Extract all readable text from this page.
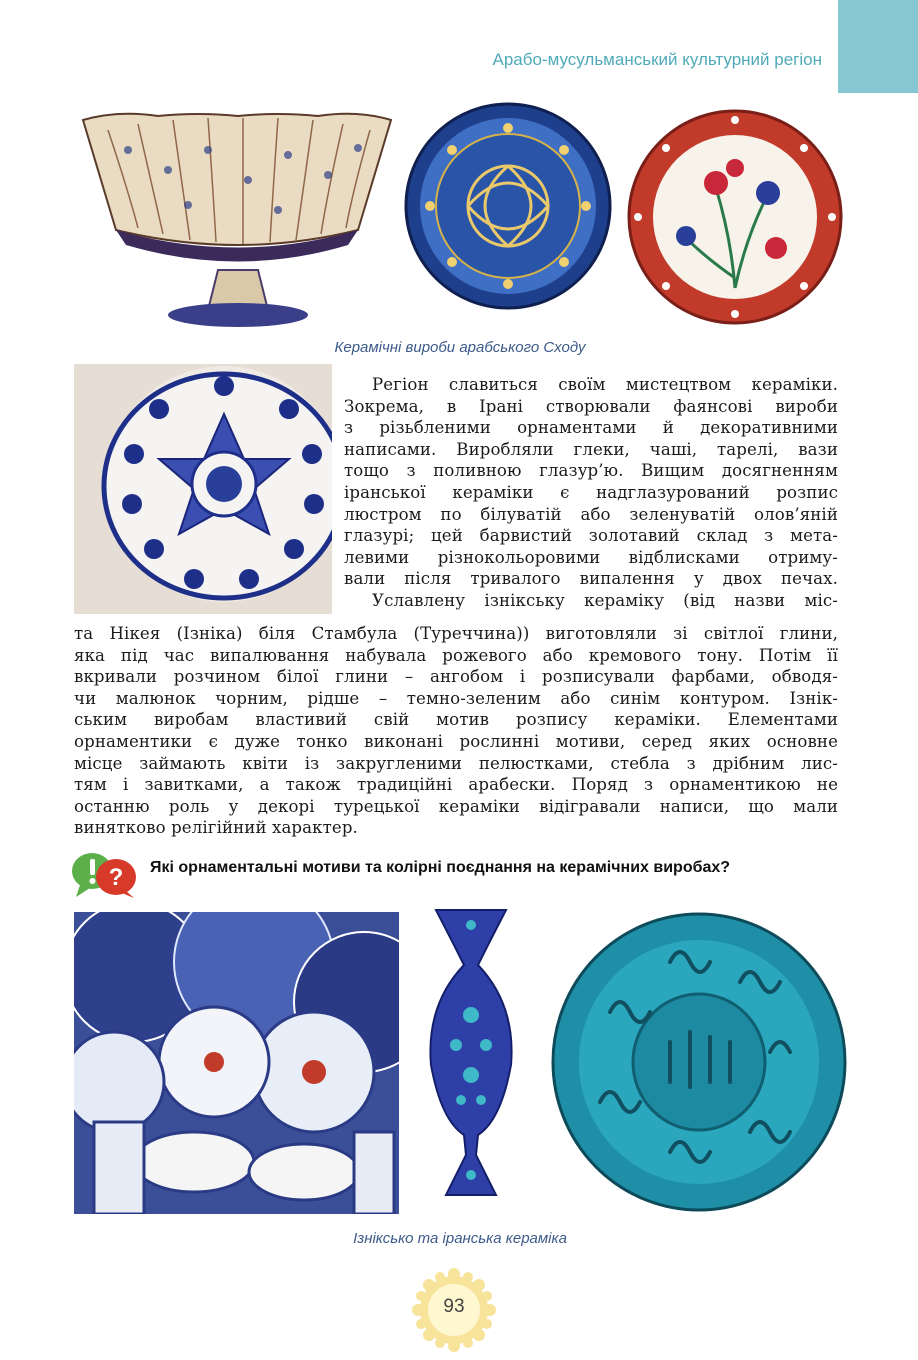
Арабо-мусульманський культурний регіон
Керамічні вироби арабського Сходу
Регіон славиться своїм мистецтвом кераміки.
Зокрема, в Ірані створювали фаянсові вироби
з різьбленими орнаментами й декоративними
написами. Виробляли глеки, чаші, тарелі, вази
тощо з поливною глазур’ю. Вищим досягненням
іранської кераміки є надглазурований розпис
люстром по білуватій або зеленуватій олов’яній
глазурі; цей барвистий золотавий склад з мета-
левими різнокольоровими відблисками отриму-
вали після тривалого випалення у двох печах.
Уславлену ізнікську кераміку (від назви міс-
та Нікея (Ізніка) біля Стамбула (Туреччина)) виготовляли зі світлої глини,
яка під час випалювання набувала рожевого або кремового тону. Потім її
вкривали розчином білої глини – ангобом і розписували фарбами, обводя-
чи малюнок чорним, рідше – темно-зеленим або синім контуром. Ізнік-
ським виробам властивий свій мотив розпису кераміки. Елементами
орнаментики є дуже тонко виконані рослинні мотиви, серед яких основне
місце займають квіти із закругленими пелюстками, стебла з дрібним лис-
тям і завитками, а також традиційні арабески. Поряд з орнаментикою не
останню роль у декорі турецької кераміки відігравали написи, що мали
винятково релігійний характер.
? Які орнаментальні мотиви та колірні поєднання на керамічних виробах?
Ізніксько та іранська кераміка
93
